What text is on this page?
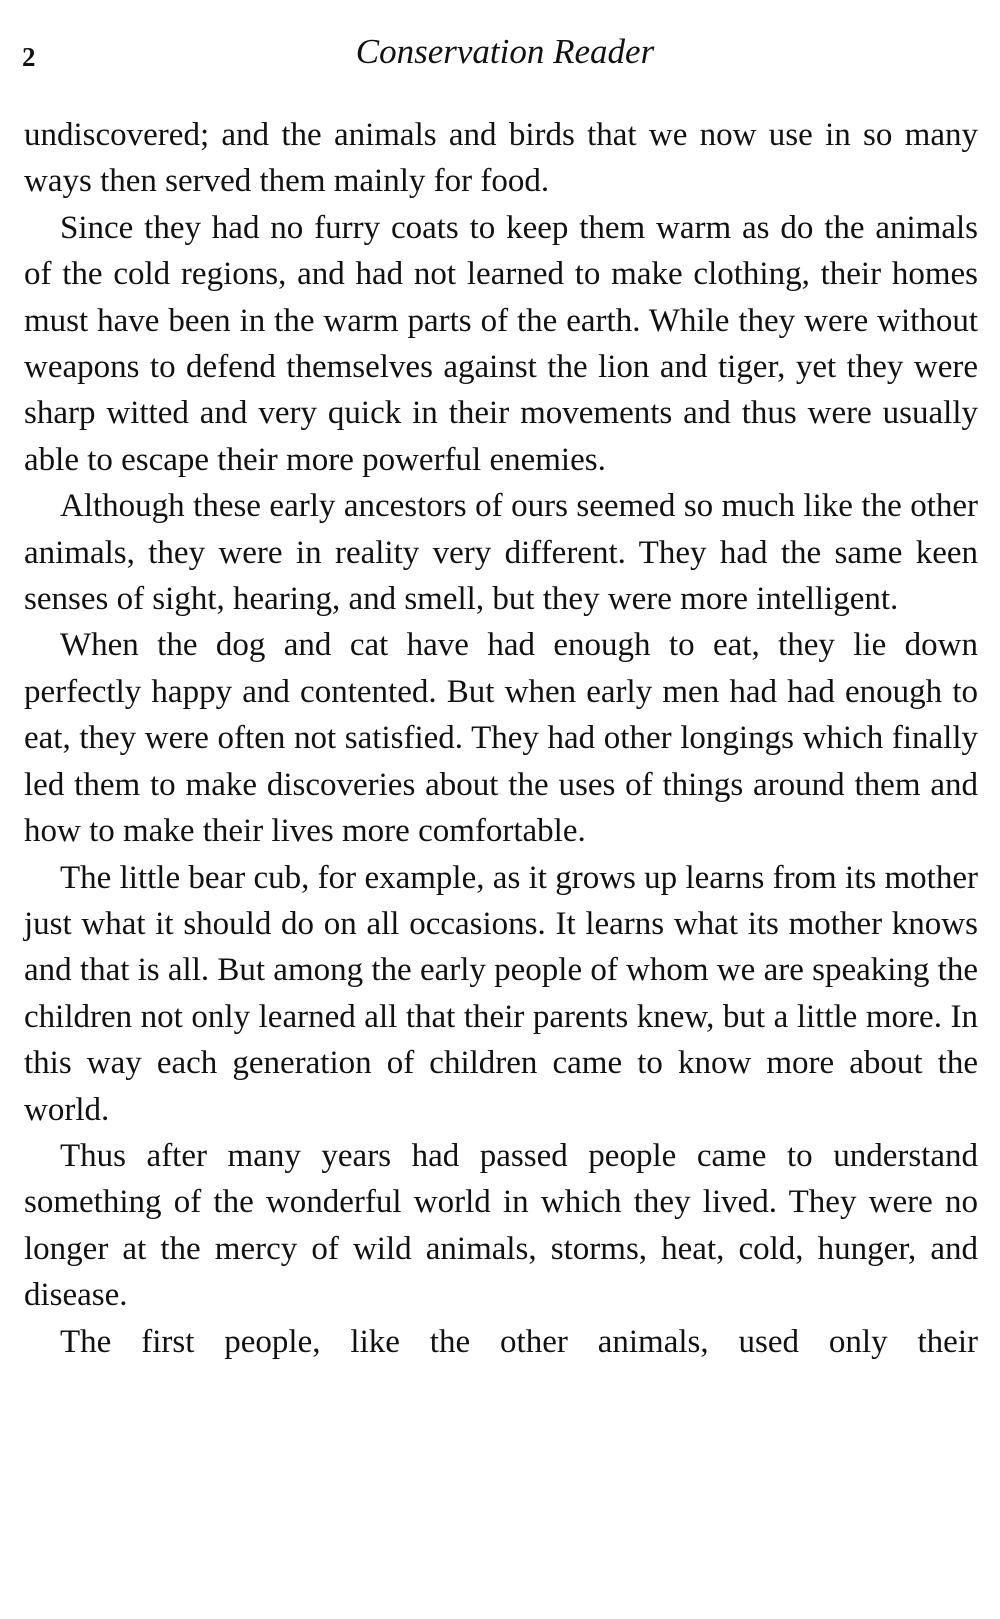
2	Conservation Reader

undiscovered; and the animals and birds that we now use in so many ways then served them mainly for food.

Since they had no furry coats to keep them warm as do the animals of the cold regions, and had not learned to make clothing, their homes must have been in the warm parts of the earth. While they were without weapons to defend themselves against the lion and tiger, yet they were sharp witted and very quick in their movements and thus were usually able to escape their more powerful enemies.

Although these early ancestors of ours seemed so much like the other animals, they were in reality very different. They had the same keen senses of sight, hearing, and smell, but they were more intelligent.

When the dog and cat have had enough to eat, they lie down perfectly happy and contented. But when early men had had enough to eat, they were often not satisfied. They had other longings which finally led them to make discoveries about the uses of things around them and how to make their lives more comfortable.

The little bear cub, for example, as it grows up learns from its mother just what it should do on all occasions. It learns what its mother knows and that is all. But among the early people of whom we are speaking the children not only learned all that their parents knew, but a little more. In this way each generation of children came to know more about the world.

Thus after many years had passed people came to understand something of the wonderful world in which they lived. They were no longer at the mercy of wild animals, storms, heat, cold, hunger, and disease.

The first people, like the other animals, used only their
